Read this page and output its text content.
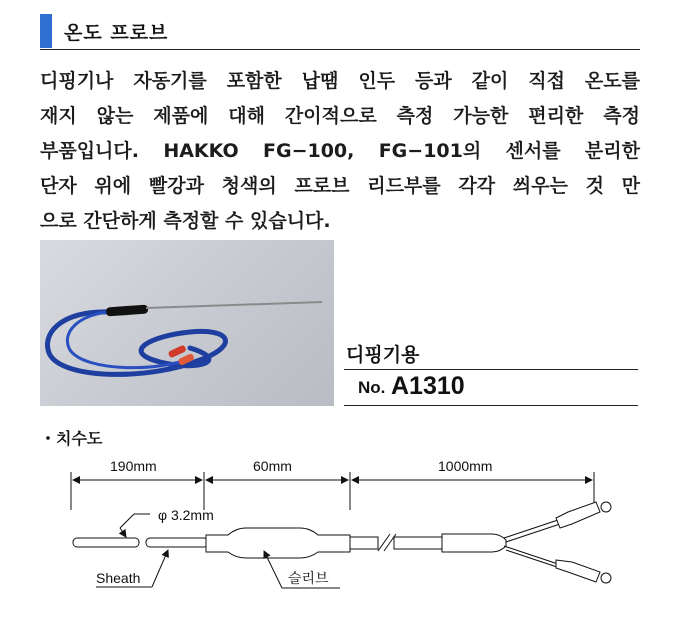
온도 프로브
디핑기나 자동기를 포함한 납땜 인두 등과 같이 직접 온도를
재지 않는 제품에 대해 간이적으로 측정 가능한 편리한 측정
부품입니다. HAKKO FG−100, FG−101의 센서를 분리한
단자 위에 빨강과 청색의 프로브 리드부를 각각 씌우는 것 만
으로 간단하게 측정할 수 있습니다.
디핑기용
No. A1310
・치수도
190mm	60mm	1000mm
φ 3.2mm
Sheath	슬리브
